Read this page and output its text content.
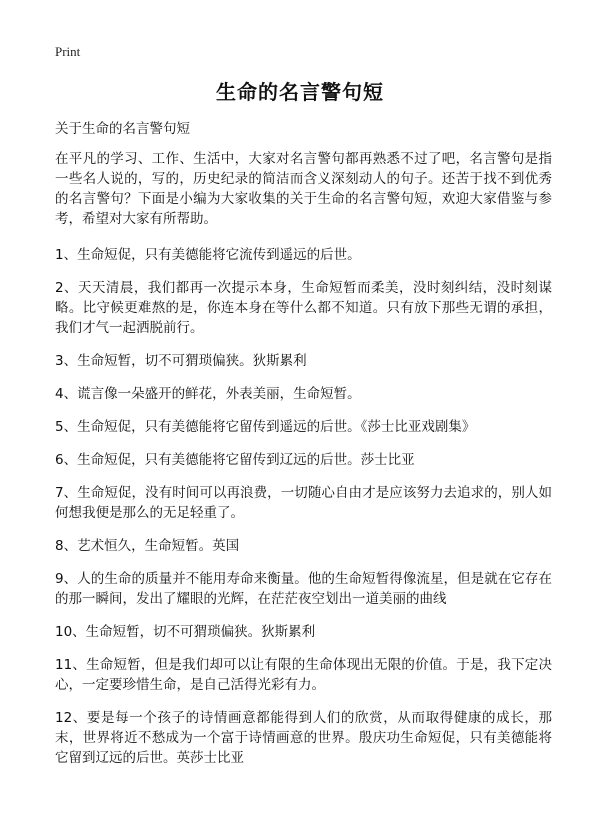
Print
生命的名言警句短

关于生命的名言警句短

在平凡的学习、工作、生活中，大家对名言警句都再熟悉不过了吧，名言警句是指一些名人说的，写的，历史纪录的简洁而含义深刻动人的句子。还苦于找不到优秀的名言警句？下面是小编为大家收集的关于生命的名言警句短，欢迎大家借鉴与参考，希望对大家有所帮助。

1、生命短促，只有美德能将它流传到遥远的后世。

2、天天清晨，我们都再一次提示本身，生命短暂而柔美，没时刻纠结，没时刻谋略。比守候更难熬的是，你连本身在等什么都不知道。只有放下那些无谓的承担，我们才气一起洒脱前行。

3、生命短暂，切不可猬琐偏狭。狄斯累利

4、谎言像一朵盛开的鲜花，外表美丽，生命短暂。

5、生命短促，只有美德能将它留传到遥远的后世。《莎士比亚戏剧集》

6、生命短促，只有美德能将它留传到辽远的后世。莎士比亚

7、生命短促，没有时间可以再浪费，一切随心自由才是应该努力去追求的，别人如何想我便是那么的无足轻重了。

8、艺术恒久，生命短暂。英国

9、人的生命的质量并不能用寿命来衡量。他的生命短暂得像流星，但是就在它存在的那一瞬间，发出了耀眼的光辉，在茫茫夜空划出一道美丽的曲线

10、生命短暂，切不可猬琐偏狭。狄斯累利

11、生命短暂，但是我们却可以让有限的生命体现出无限的价值。于是，我下定决心，一定要珍惜生命，是自己活得光彩有力。

12、要是每一个孩子的诗情画意都能得到人们的欣赏，从而取得健康的成长，那末，世界将近不愁成为一个富于诗情画意的世界。殷庆功生命短促，只有美德能将它留到辽远的后世。英莎士比亚
